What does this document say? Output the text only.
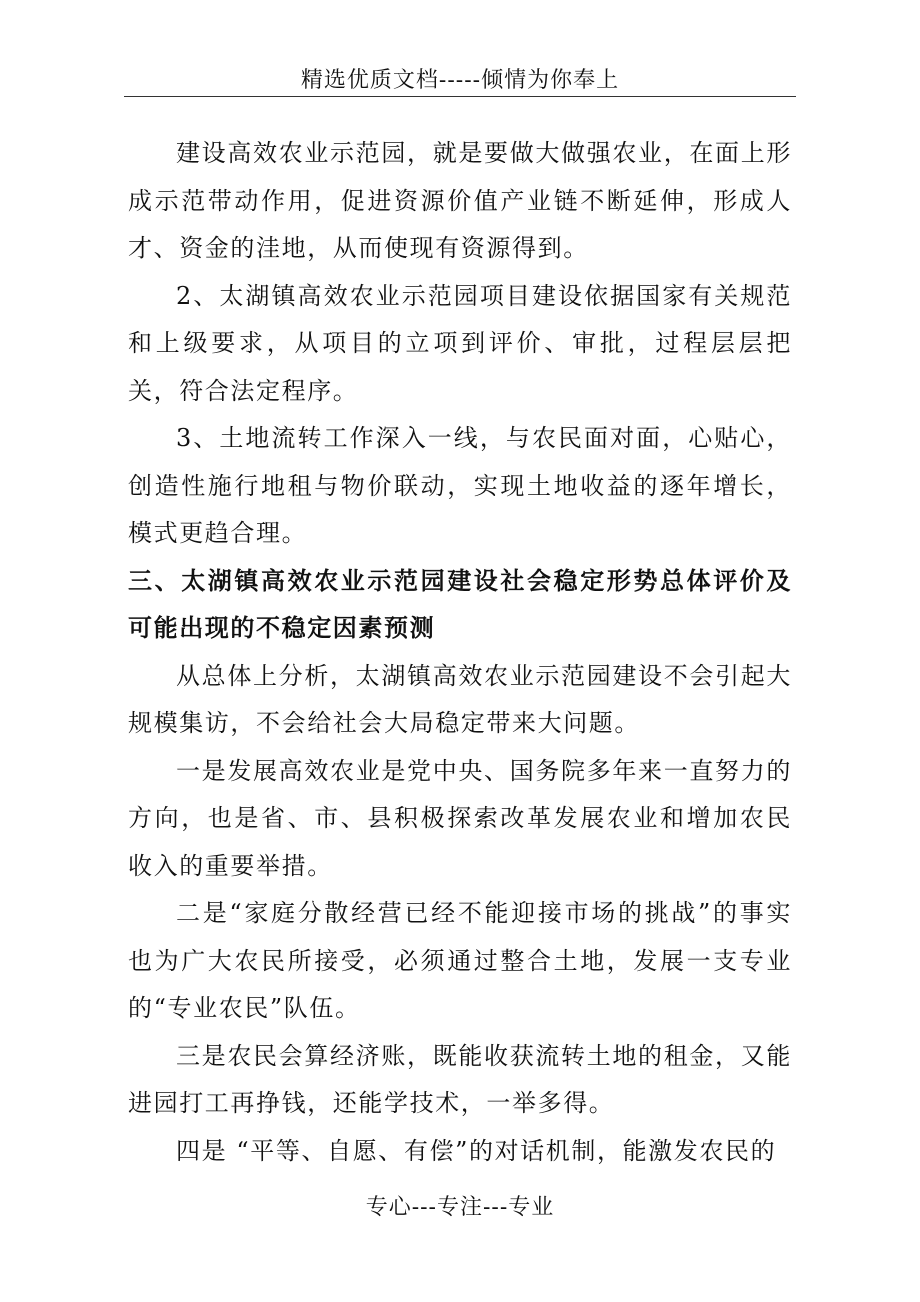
精选优质文档-----倾情为你奉上

建设高效农业示范园，就是要做大做强农业，在面上形成示范带动作用，促进资源价值产业链不断延伸，形成人才、资金的洼地，从而使现有资源得到。

2、太湖镇高效农业示范园项目建设依据国家有关规范和上级要求，从项目的立项到评价、审批，过程层层把关，符合法定程序。

3、土地流转工作深入一线，与农民面对面，心贴心，创造性施行地租与物价联动，实现土地收益的逐年增长，模式更趋合理。

三、太湖镇高效农业示范园建设社会稳定形势总体评价及可能出现的不稳定因素预测

从总体上分析，太湖镇高效农业示范园建设不会引起大规模集访，不会给社会大局稳定带来大问题。

一是发展高效农业是党中央、国务院多年来一直努力的方向，也是省、市、县积极探索改革发展农业和增加农民收入的重要举措。

二是“家庭分散经营已经不能迎接市场的挑战”的事实也为广大农民所接受，必须通过整合土地，发展一支专业的“专业农民”队伍。

三是农民会算经济账，既能收获流转土地的租金，又能进园打工再挣钱，还能学技术，一举多得。

四是 “平等、自愿、有偿”的对话机制，能激发农民的

专心---专注---专业
